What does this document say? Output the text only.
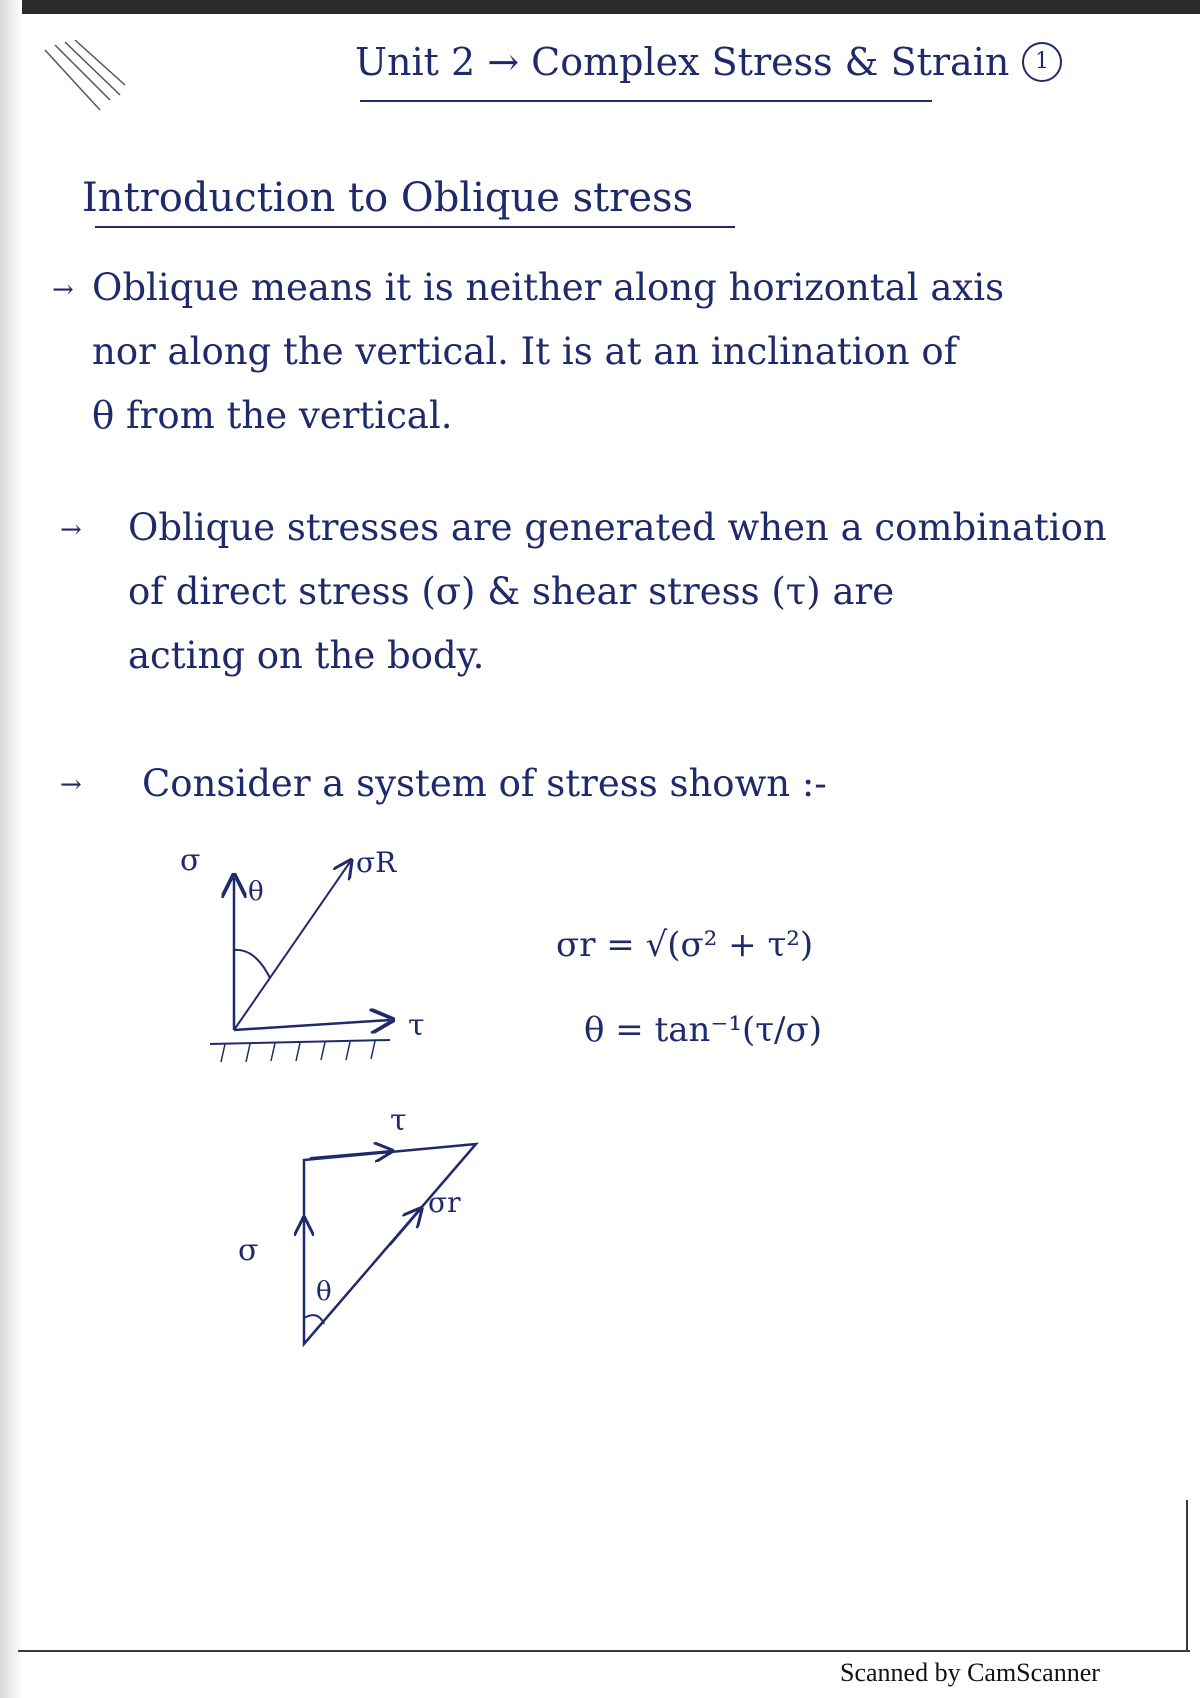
Unit 2 → Complex Stress & Strain	1
Introduction to Oblique stress
→ Oblique means it is neither along horizontal axis
nor along the vertical. It is at an inclination of
θ from the vertical.
→ Oblique stresses are generated when a combination
of direct stress (σ) & shear stress (τ) are
acting on the body.
→ Consider a system of stress shown :-
σ
θ
σR
τ
σr = √(σ² + τ²)
θ = tan⁻¹(τ/σ)
τ
σr
σ
θ
Scanned by CamScanner
